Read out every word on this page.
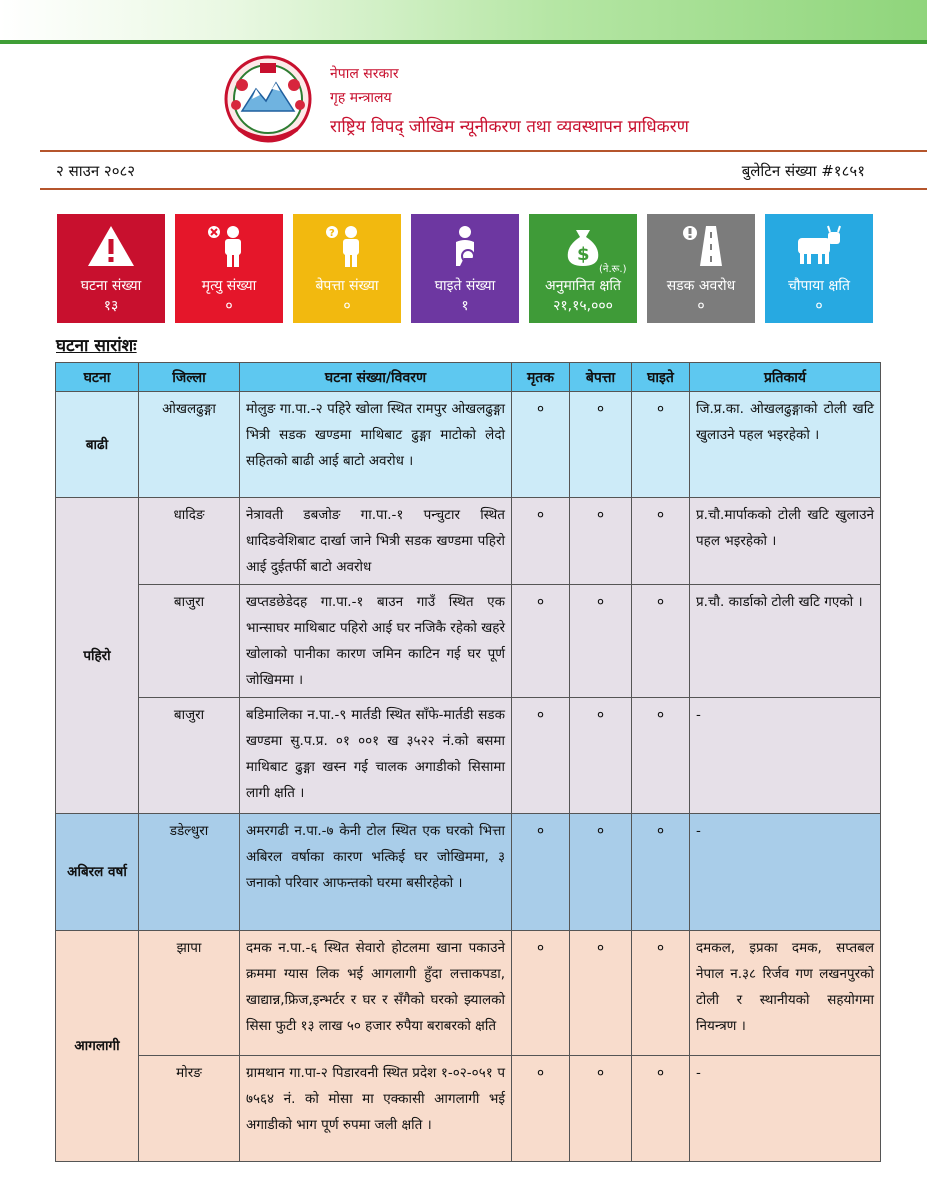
नेपाल सरकार
गृह मन्त्रालय
राष्ट्रिय विपद् जोखिम न्यूनीकरण तथा व्यवस्थापन प्राधिकरण
२ साउन २०८२	बुलेटिन संख्या #१८५१
घटना संख्या
१३
मृत्यु संख्या
०
?
बेपत्ता संख्या
०
घाइते संख्या
१
$
(ने.रू.)
अनुमानित क्षति
२१,१५,०००
सडक अवरोध
०
चौपाया क्षति
०
घटना सारांशः
घटना	जिल्ला	घटना संख्या/विवरण	मृतक	बेपत्ता	घाइते	प्रतिकार्य
बाढी	ओखलढुङ्गा	मोलुङ गा.पा.-२ पहिरे खोला स्थित रामपुर ओखलढुङ्गा भित्री सडक खण्डमा माथिबाट ढुङ्गा माटोको लेदो सहितको बाढी आई बाटो अवरोध ।	०	०	०	जि.प्र.का. ओखलढुङ्गाको टोली खटि खुलाउने पहल भइरहेको ।
पहिरो	धादिङ	नेत्रावती डबजोङ गा.पा.-१ पन्चुटार स्थित धादिङवेशिबाट दार्खा जाने भित्री सडक खण्डमा पहिरो आई दुईतर्फी बाटो अवरोध	०	०	०	प्र.चौ.मार्पाकको टोली खटि खुलाउने पहल भइरहेको ।
	बाजुरा	खप्तडछेडेदह गा.पा.-१ बाउन गाउँ स्थित एक भान्साघर माथिबाट पहिरो आई घर नजिकै रहेको खहरे खोलाको पानीका कारण जमिन काटिन गई घर पूर्ण जोखिममा ।	०	०	०	प्र.चौ. कार्डाको टोली खटि गएको ।
	बाजुरा	बडिमालिका न.पा.-९ मार्तडी स्थित साँफे-मार्तडी सडक खण्डमा सु.प.प्र. ०१ ००१ ख ३५२२ नं.को बसमा माथिबाट ढुङ्गा खस्न गई चालक अगाडीको सिसामा लागी क्षति ।	०	०	०	-
अबिरल वर्षा	डडेल्धुरा	अमरगढी न.पा.-७ केनी टोल स्थित एक घरको भित्ता अबिरल वर्षाका कारण भत्किई घर जोखिममा, ३ जनाको परिवार आफन्तको घरमा बसीरहेको ।	०	०	०	-
आगलागी	झापा	दमक न.पा.-६ स्थित सेवारो होटलमा खाना पकाउने क्रममा ग्यास लिक भई आगलागी हुँदा लत्ताकपडा, खाद्यान्न,फ्रिज,इन्भर्टर र घर र सँगैको घरको झ्यालको सिसा फुटी १३ लाख ५० हजार रुपैया बराबरको क्षति	०	०	०	दमकल, इप्रका दमक, सप्तबल नेपाल न.३८ रिर्जव गण लखनपुरको टोली र स्थानीयको सहयोगमा नियन्त्रण ।
	मोरङ	ग्रामथान गा.पा-२ पिडारवनी स्थित प्रदेश १-०२-०५१ प ७५६४ नं. को मोसा मा एक्कासी आगलागी भई अगाडीको भाग पूर्ण रुपमा जली क्षति ।	०	०	०	-
